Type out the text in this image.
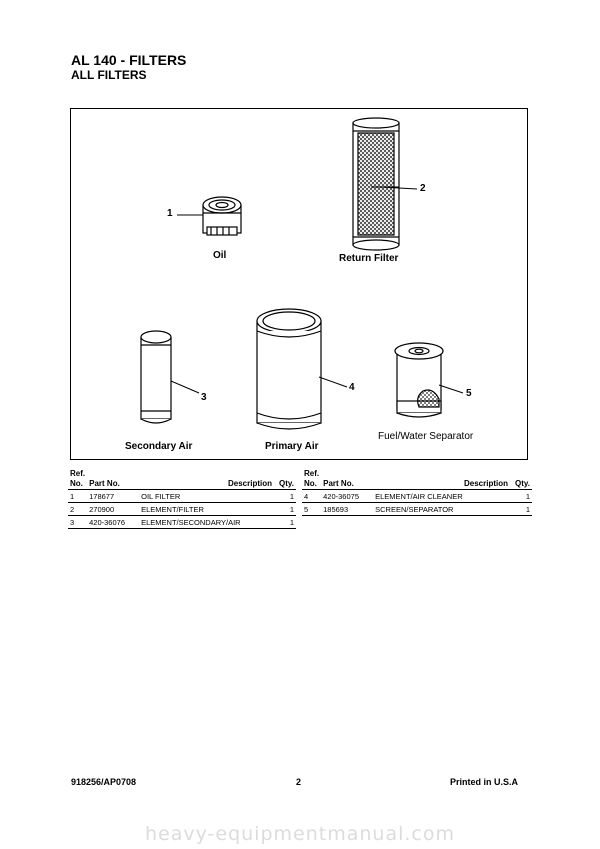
AL 140 - FILTERS
ALL FILTERS
1
2
3
4
5
Oil	Return Filter
Secondary Air	Primary Air
Fuel/Water Separator
Ref.
No.	Part No.	Description	Qty.
1	178677	OIL FILTER	1
2	270900	ELEMENT/FILTER	1
3	420-36076	ELEMENT/SECONDARY/AIR	1
Ref.
No.	Part No.	Description	Qty.
4	420-36075	ELEMENT/AIR CLEANER	1
5	185693	SCREEN/SEPARATOR	1
918256/AP0708	2	Printed in U.S.A
heavy-equipmentmanual.com
